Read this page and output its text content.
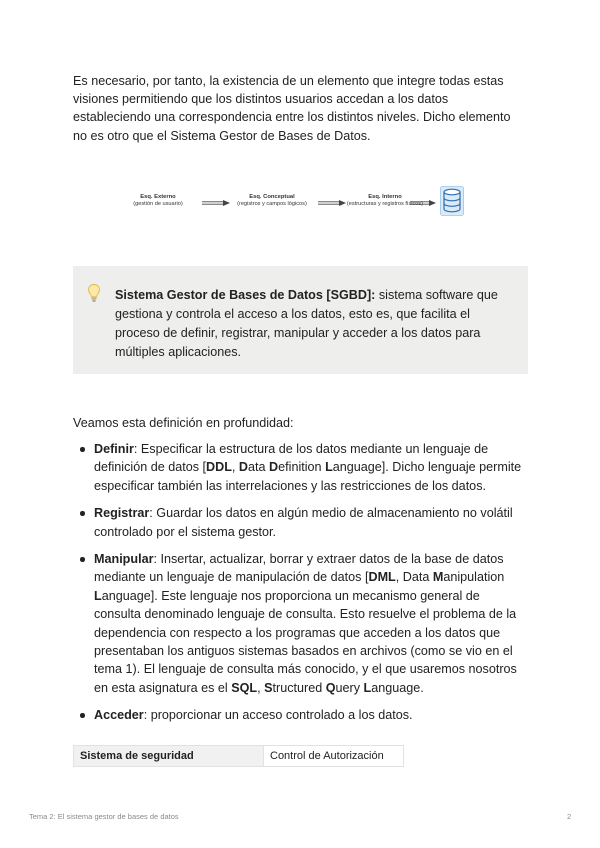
Es necesario, por tanto, la existencia de un elemento que integre todas estas visiones permitiendo que los distintos usuarios accedan a los datos estableciendo una correspondencia entre los distintos niveles. Dicho elemento no es otro que el Sistema Gestor de Bases de Datos.

Esq. Externo
(gestión de usuario)
Esq. Conceptual
(registros y campos lógicos)
Esq. Interno
(estructuras y registros físicos)

Sistema Gestor de Bases de Datos [SGBD]: sistema software que gestiona y controla el acceso a los datos, esto es, que facilita el proceso de definir, registrar, manipular y acceder a los datos para múltiples aplicaciones.

Veamos esta definición en profundidad:

Definir: Especificar la estructura de los datos mediante un lenguaje de definición de datos [DDL, Data Definition Language]. Dicho lenguaje permite especificar también las interrelaciones y las restricciones de los datos.
Registrar: Guardar los datos en algún medio de almacenamiento no volátil controlado por el sistema gestor.
Manipular: Insertar, actualizar, borrar y extraer datos de la base de datos mediante un lenguaje de manipulación de datos [DML, Data Manipulation Language]. Este lenguaje nos proporciona un mecanismo general de consulta denominado lenguaje de consulta. Esto resuelve el problema de la dependencia con respecto a los programas que acceden a los datos que presentaban los antiguos sistemas basados en archivos (como se vio en el tema 1). El lenguaje de consulta más conocido, y el que usaremos nosotros en esta asignatura es el SQL, Structured Query Language.
Acceder: proporcionar un acceso controlado a los datos.
Sistema de seguridad	Control de Autorización
Tema 2: El sistema gestor de bases de datos	2
